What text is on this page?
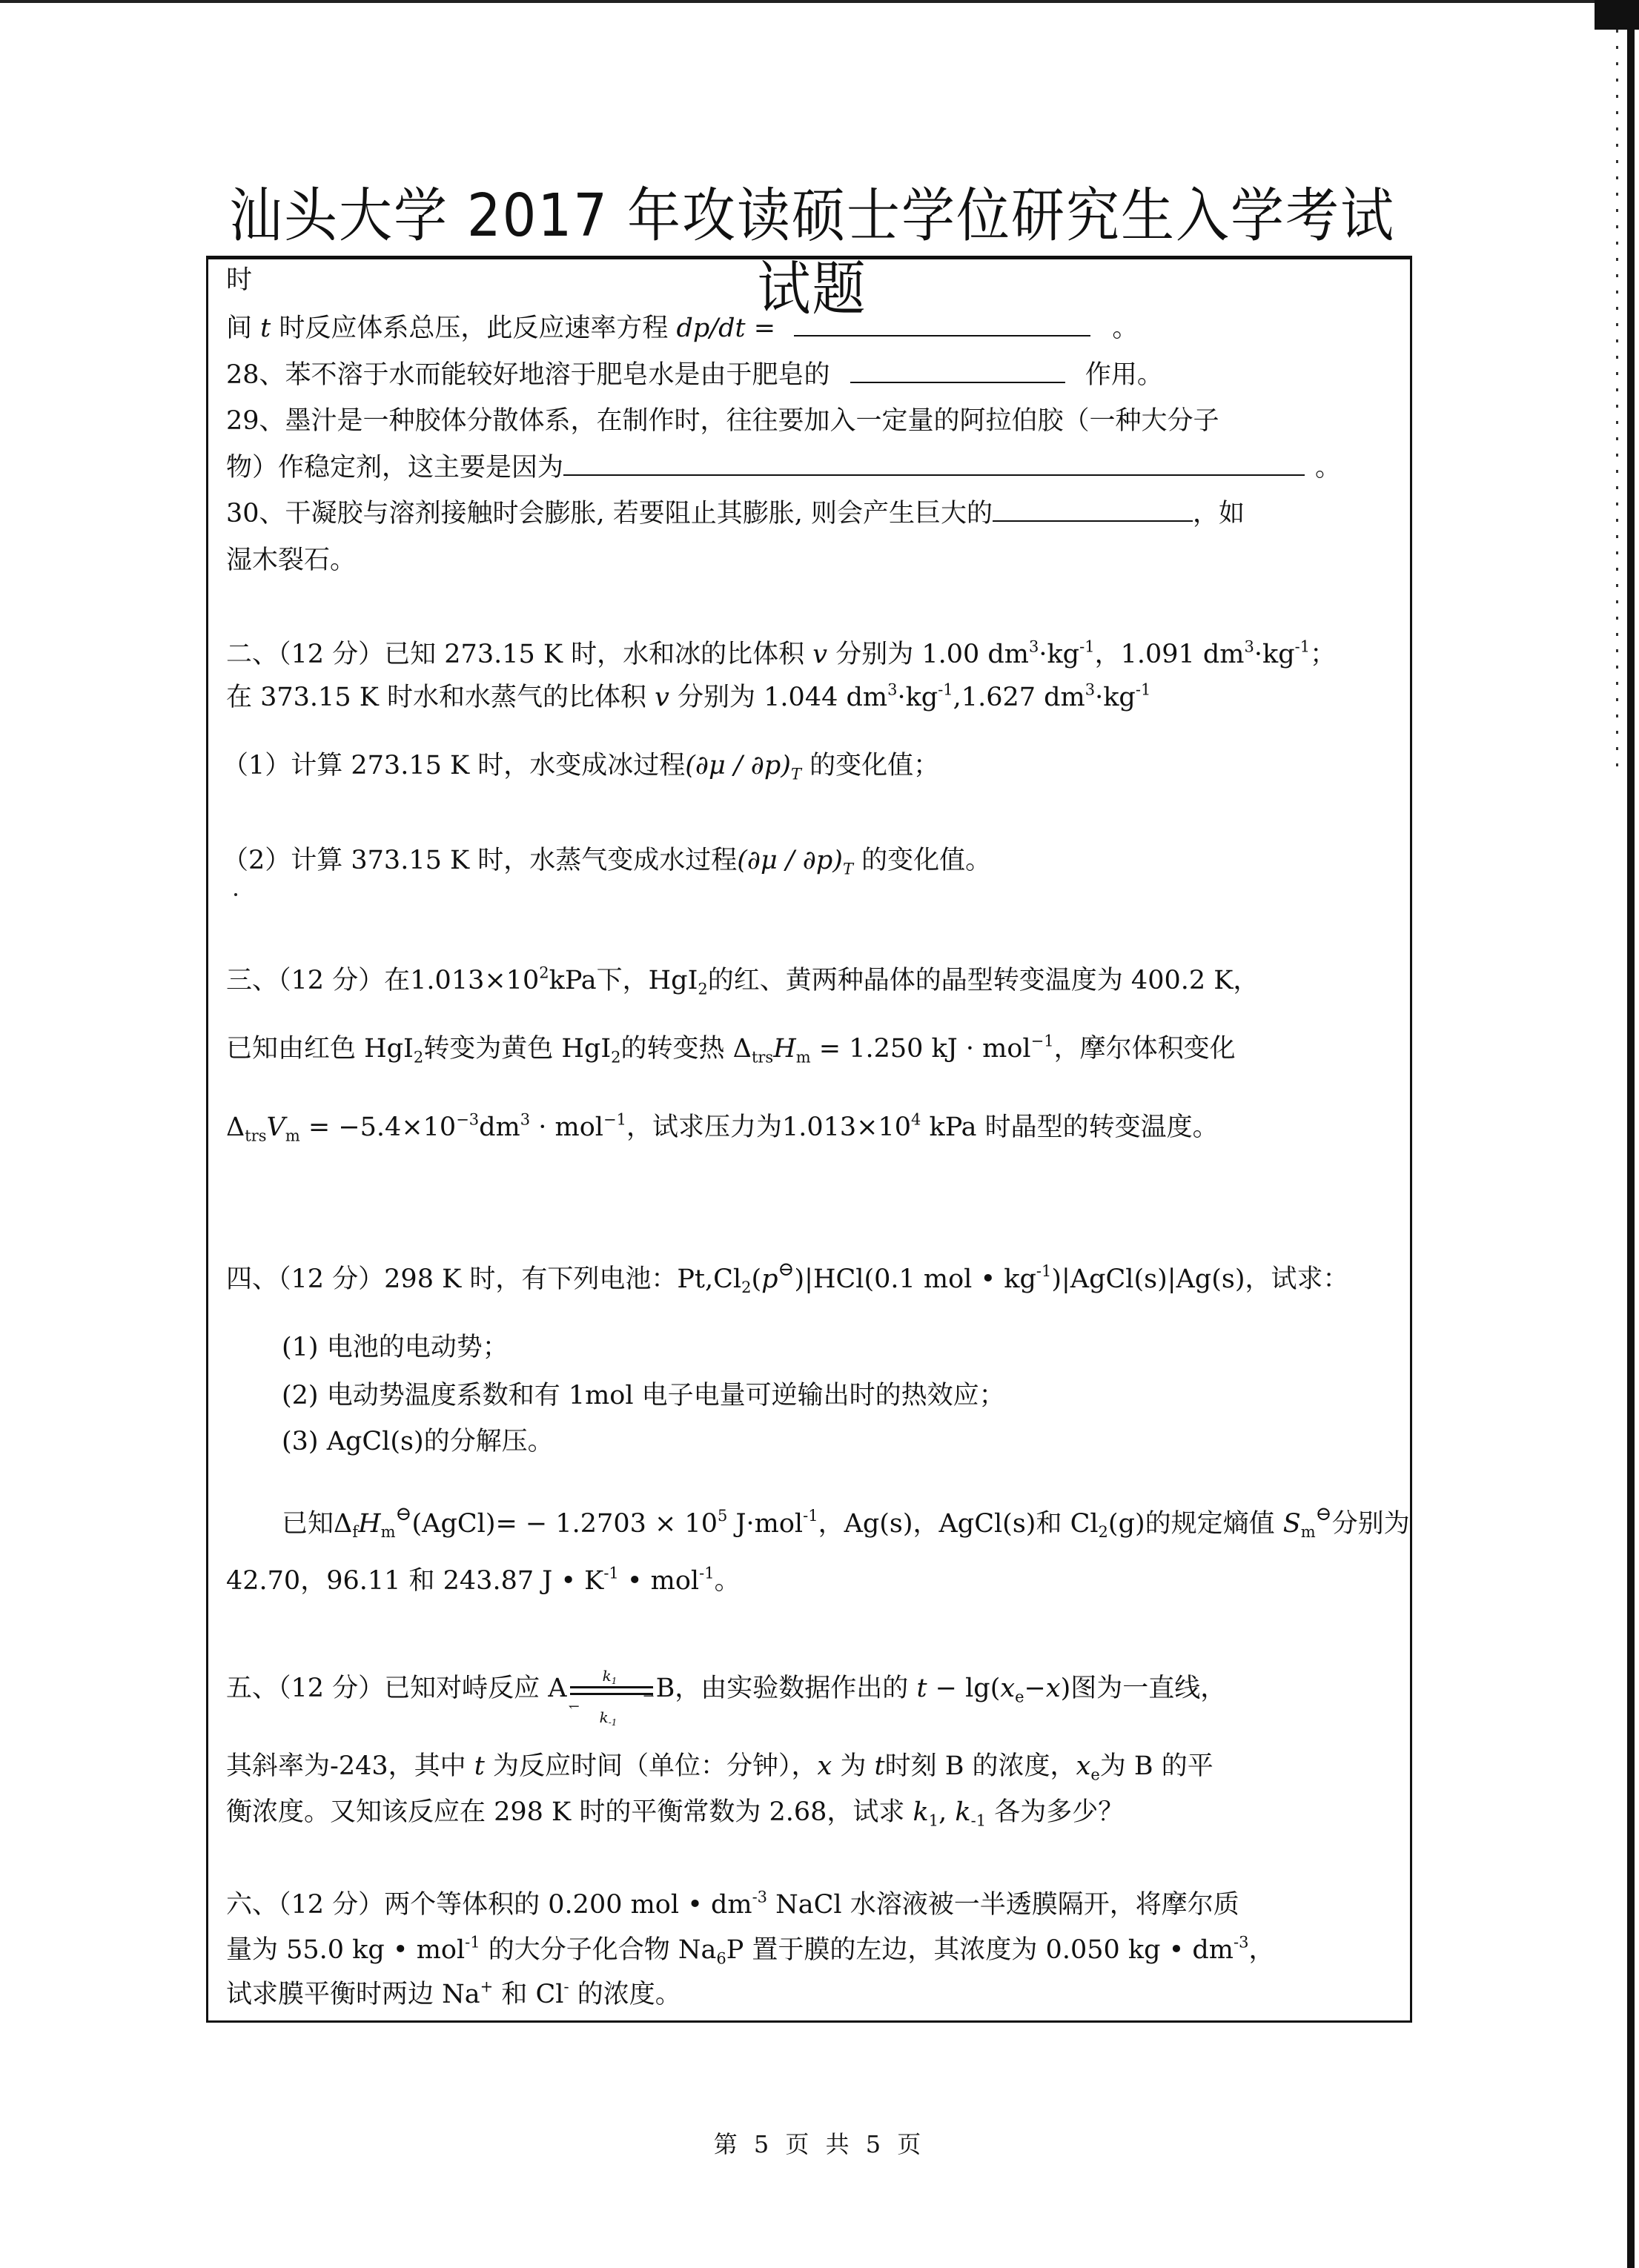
汕头大学 2017 年攻读硕士学位研究生入学考试试题
时
间 t 时反应体系总压，此反应速率方程 dp/dt =	。
28、苯不溶于水而能较好地溶于肥皂水是由于肥皂的	作用。
29、墨汁是一种胶体分散体系，在制作时，往往要加入一定量的阿拉伯胶（一种大分子
物）作稳定剂，这主要是因为	。
30、干凝胶与溶剂接触时会膨胀, 若要阻止其膨胀, 则会产生巨大的	，如
湿木裂石。
二、（12 分）已知 273.15 K 时，水和冰的比体积 v 分别为 1.00 $dm^3\cdot kg^{-1}$，1.091 $dm^3\cdot kg^{-1}$；
在 373.15 K 时水和水蒸气的比体积 v 分别为 1.044 $dm^3\cdot kg^{-1},1.627$ $dm^3\cdot kg^{-1}$
（1）计算 273.15 K 时，水变成冰过程$(\partial\mu / \partial p)_T$ 的变化值；
（2）计算 373.15 K 时，水蒸气变成水过程$(\partial\mu / \partial p)_T$ 的变化值。
三、（12 分）在$1.013\times 10^2kPa$下，HgI$_2$的红、黄两种晶体的晶型转变温度为 400.2 K，
已知由红色 HgI$_2$转变为黄色 HgI$_2$的转变热 $\Delta_{trs}H_m = 1.250$ kJ · mol$^{-1}$，摩尔体积变化
$\Delta_{trs}V_m = -5.4\times 10^{-3}dm^3 \cdot mol^{-1}$，试求压力为$1.013\times 10^4$ kPa 时晶型的转变温度。
四、（12 分）298 K 时，有下列电池：$Pt,Cl_2(p^⊖)|HCl(0.1$ mol • $kg^{-1})|AgCl(s)|Ag(s)$，试求：
(1) 电池的电动势；
(2) 电动势温度系数和有 1mol 电子电量可逆输出时的热效应；
(3) AgCl(s)的分解压。
已知$\Delta_fH_m^⊖(AgCl)= - 1.2703 \times 10^5$ J·mol$^{-1}$，Ag(s)，AgCl(s)和 $Cl_2(g)$的规定熵值 $S_m^⊖$分别为
42.70，96.11 和 243.87 J • $K^{-1}$ • mol$^{-1}$。
五、（12 分）已知对峙反应 A $k_1$
⇀
↽
$k_{-1}$
B，由实验数据作出的 $t - \lg(x_e-x)$图为一直线，
其斜率为-243，其中 t 为反应时间（单位：分钟），x 为 t时刻 B 的浓度，$x_e$为 B 的平
衡浓度。又知该反应在 298 K 时的平衡常数为 2.68，试求 $k_1$, $k_{-1}$ 各为多少？
六、（12 分）两个等体积的 0.200 mol • $dm^{-3}$ NaCl 水溶液被一半透膜隔开，将摩尔质
量为 55.0 kg • mol$^{-1}$ 的大分子化合物 $Na_6P$ 置于膜的左边，其浓度为 0.050 kg • $dm^{-3}$，
试求膜平衡时两边 Na+ 和 Cl- 的浓度。
第 5 页 共 5 页
